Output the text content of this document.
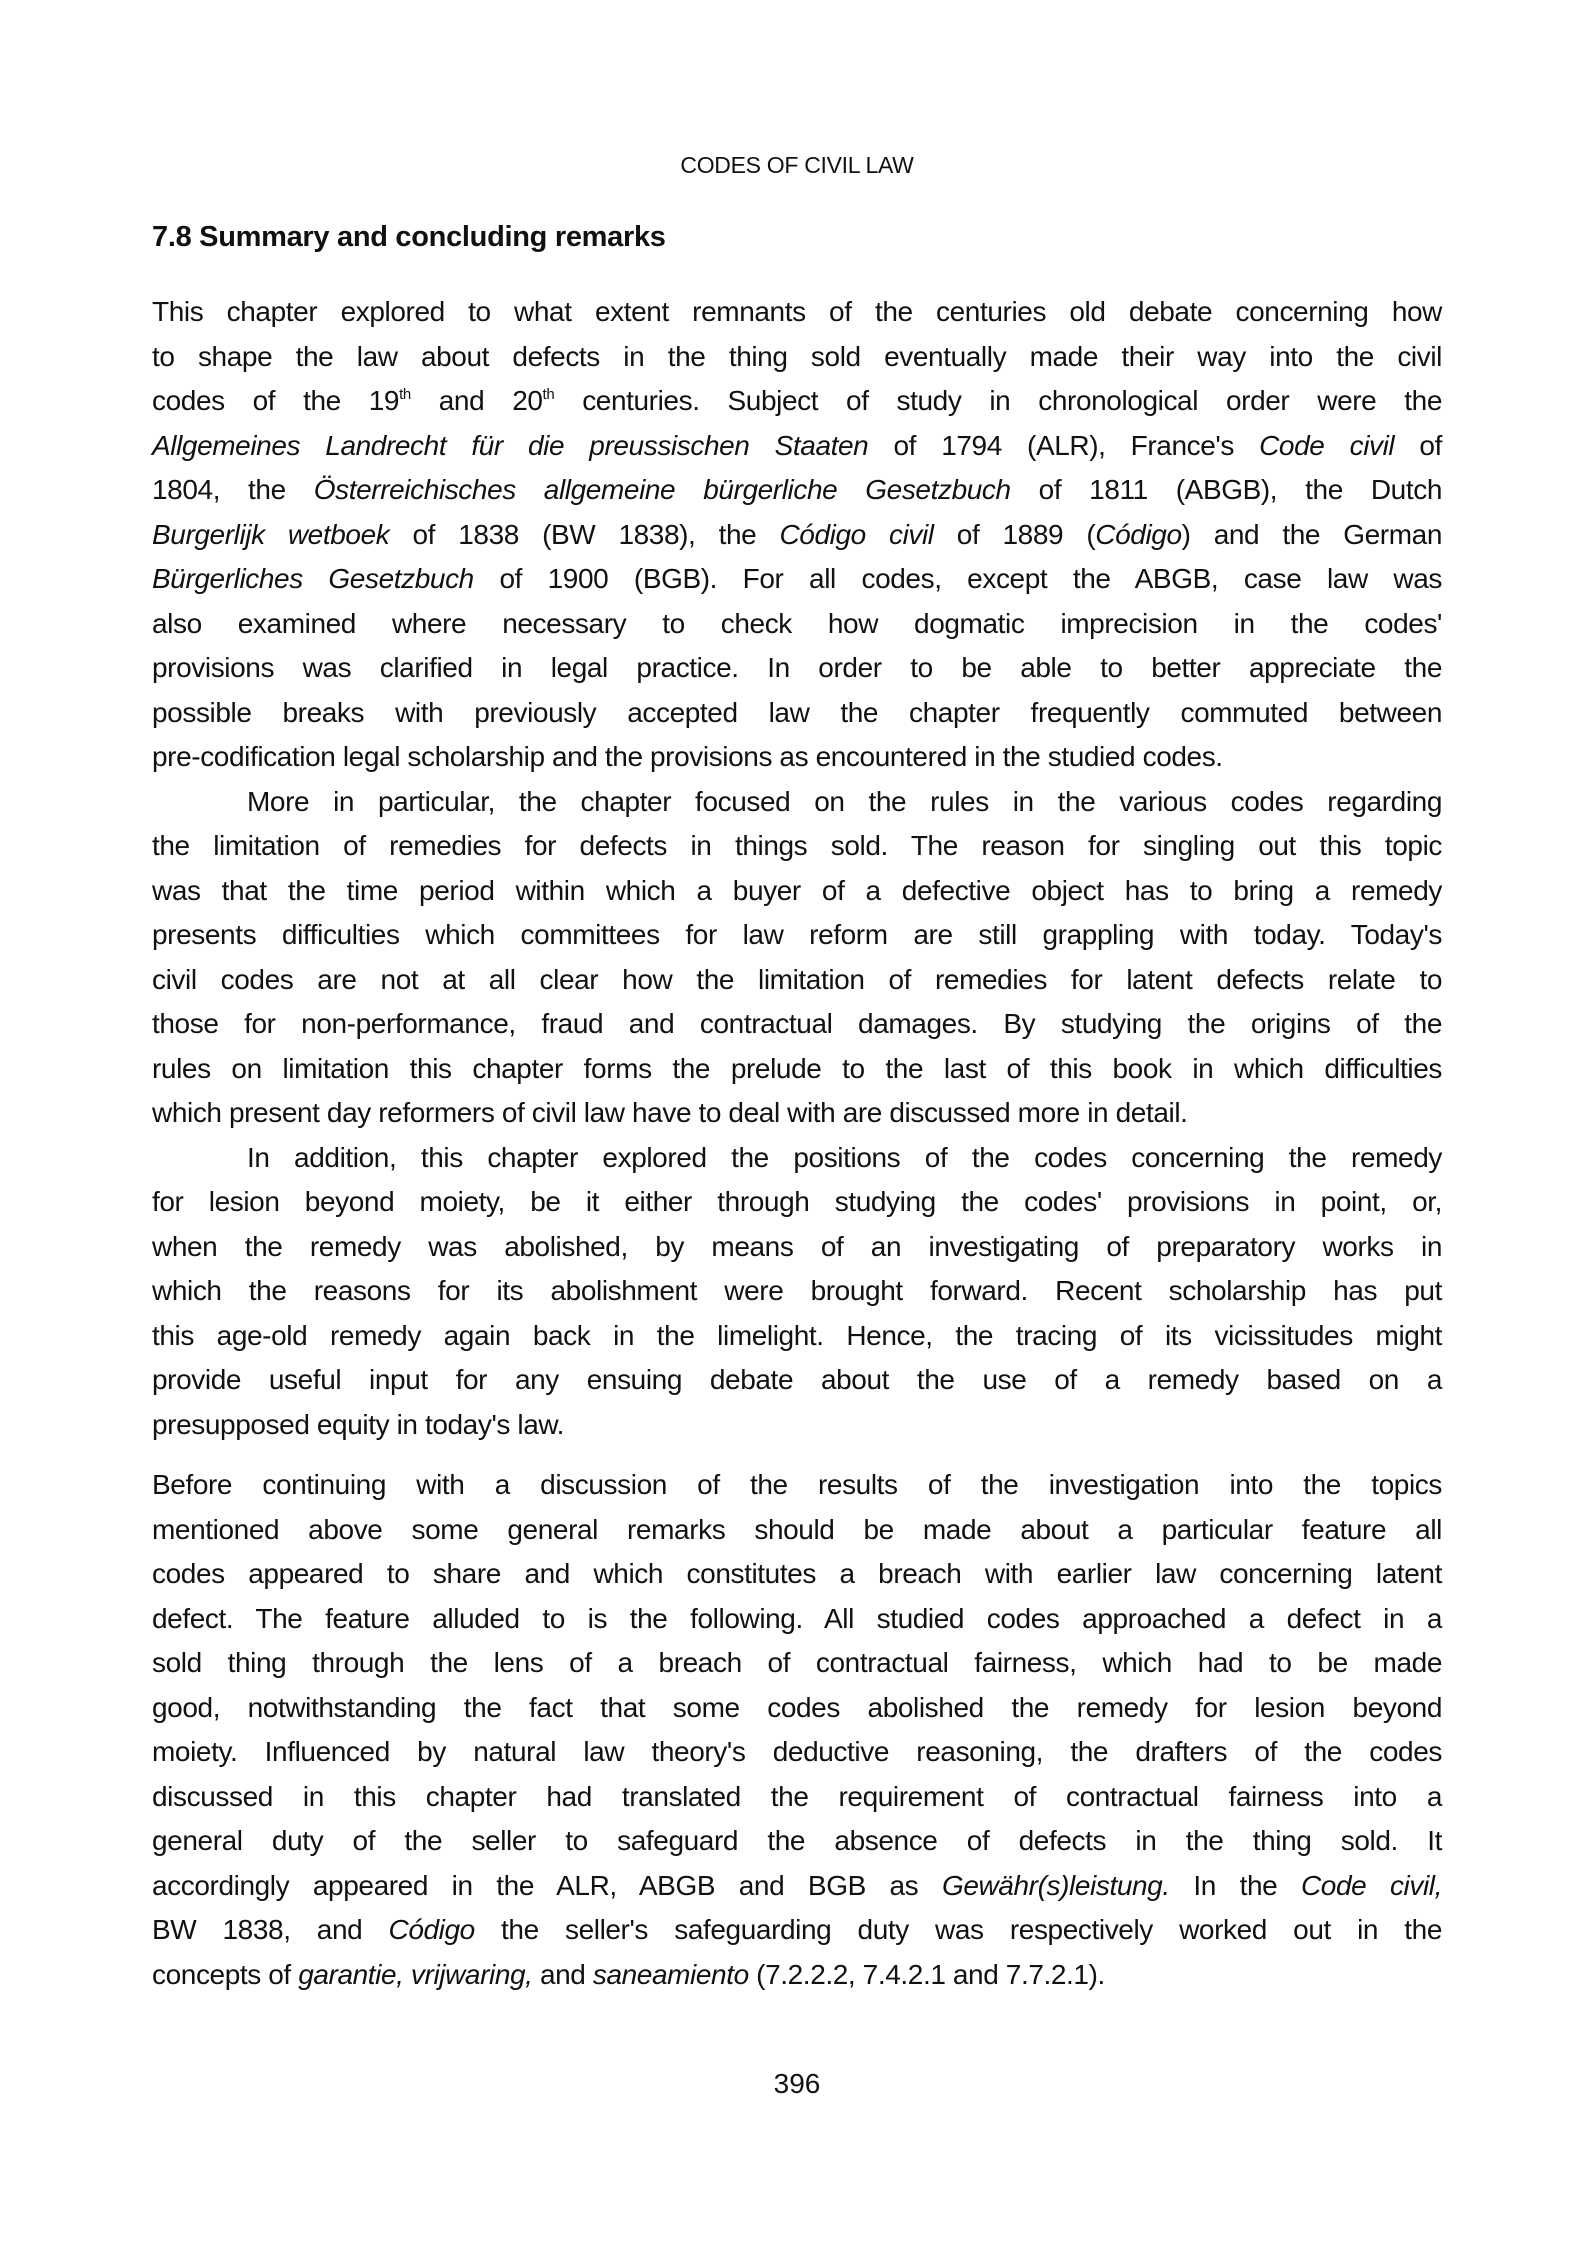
CODES OF CIVIL LAW
7.8 Summary and concluding remarks
This chapter explored to what extent remnants of the centuries old debate concerning how
to shape the law about defects in the thing sold eventually made their way into the civil
codes of the 19th and 20th centuries. Subject of study in chronological order were the
Allgemeines Landrecht für die preussischen Staaten of 1794 (ALR), France's Code civil of
1804, the Österreichisches allgemeine bürgerliche Gesetzbuch of 1811 (ABGB), the Dutch
Burgerlijk wetboek of 1838 (BW 1838), the Código civil of 1889 (Código) and the German
Bürgerliches Gesetzbuch of 1900 (BGB). For all codes, except the ABGB, case law was
also examined where necessary to check how dogmatic imprecision in the codes'
provisions was clarified in legal practice. In order to be able to better appreciate the
possible breaks with previously accepted law the chapter frequently commuted between
pre-codification legal scholarship and the provisions as encountered in the studied codes.
More in particular, the chapter focused on the rules in the various codes regarding
the limitation of remedies for defects in things sold. The reason for singling out this topic
was that the time period within which a buyer of a defective object has to bring a remedy
presents difficulties which committees for law reform are still grappling with today. Today's
civil codes are not at all clear how the limitation of remedies for latent defects relate to
those for non-performance, fraud and contractual damages. By studying the origins of the
rules on limitation this chapter forms the prelude to the last of this book in which difficulties
which present day reformers of civil law have to deal with are discussed more in detail.
In addition, this chapter explored the positions of the codes concerning the remedy
for lesion beyond moiety, be it either through studying the codes' provisions in point, or,
when the remedy was abolished, by means of an investigating of preparatory works in
which the reasons for its abolishment were brought forward. Recent scholarship has put
this age-old remedy again back in the limelight. Hence, the tracing of its vicissitudes might
provide useful input for any ensuing debate about the use of a remedy based on a
presupposed equity in today's law.
Before continuing with a discussion of the results of the investigation into the topics
mentioned above some general remarks should be made about a particular feature all
codes appeared to share and which constitutes a breach with earlier law concerning latent
defect. The feature alluded to is the following. All studied codes approached a defect in a
sold thing through the lens of a breach of contractual fairness, which had to be made
good, notwithstanding the fact that some codes abolished the remedy for lesion beyond
moiety. Influenced by natural law theory's deductive reasoning, the drafters of the codes
discussed in this chapter had translated the requirement of contractual fairness into a
general duty of the seller to safeguard the absence of defects in the thing sold. It
accordingly appeared in the ALR, ABGB and BGB as Gewähr(s)leistung. In the Code civil,
BW 1838, and Código the seller's safeguarding duty was respectively worked out in the
concepts of garantie, vrijwaring, and saneamiento (7.2.2.2, 7.4.2.1 and 7.7.2.1).
396
